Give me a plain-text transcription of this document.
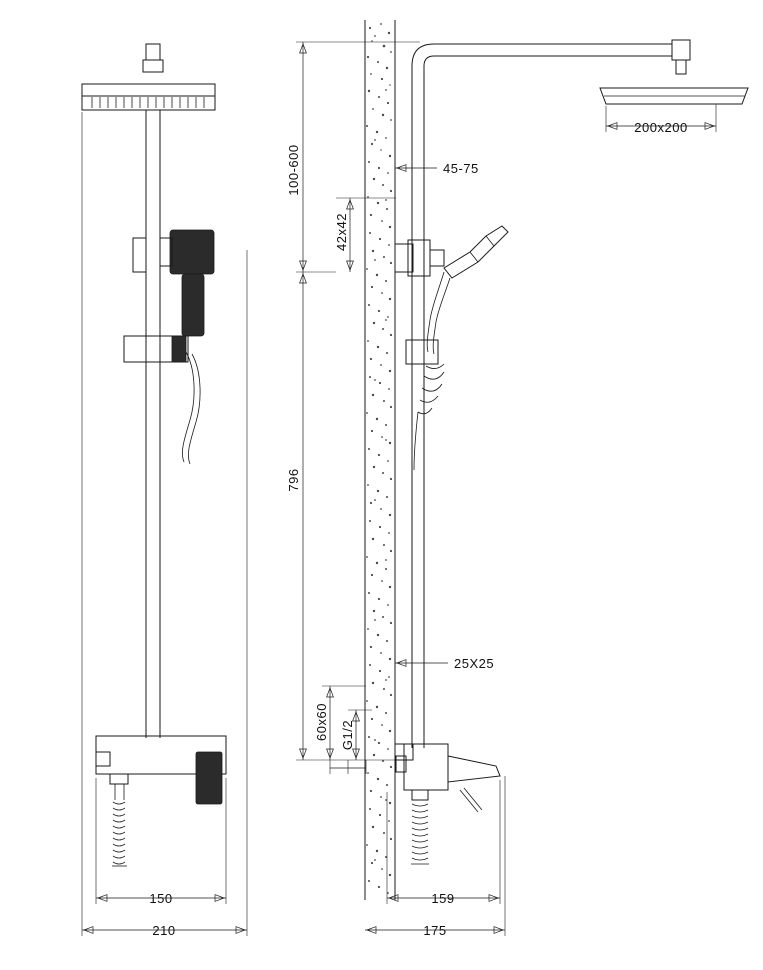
100-600
796
42x42
45-75
25X25
60x60 G1/2
200x200
150
210
159
175
